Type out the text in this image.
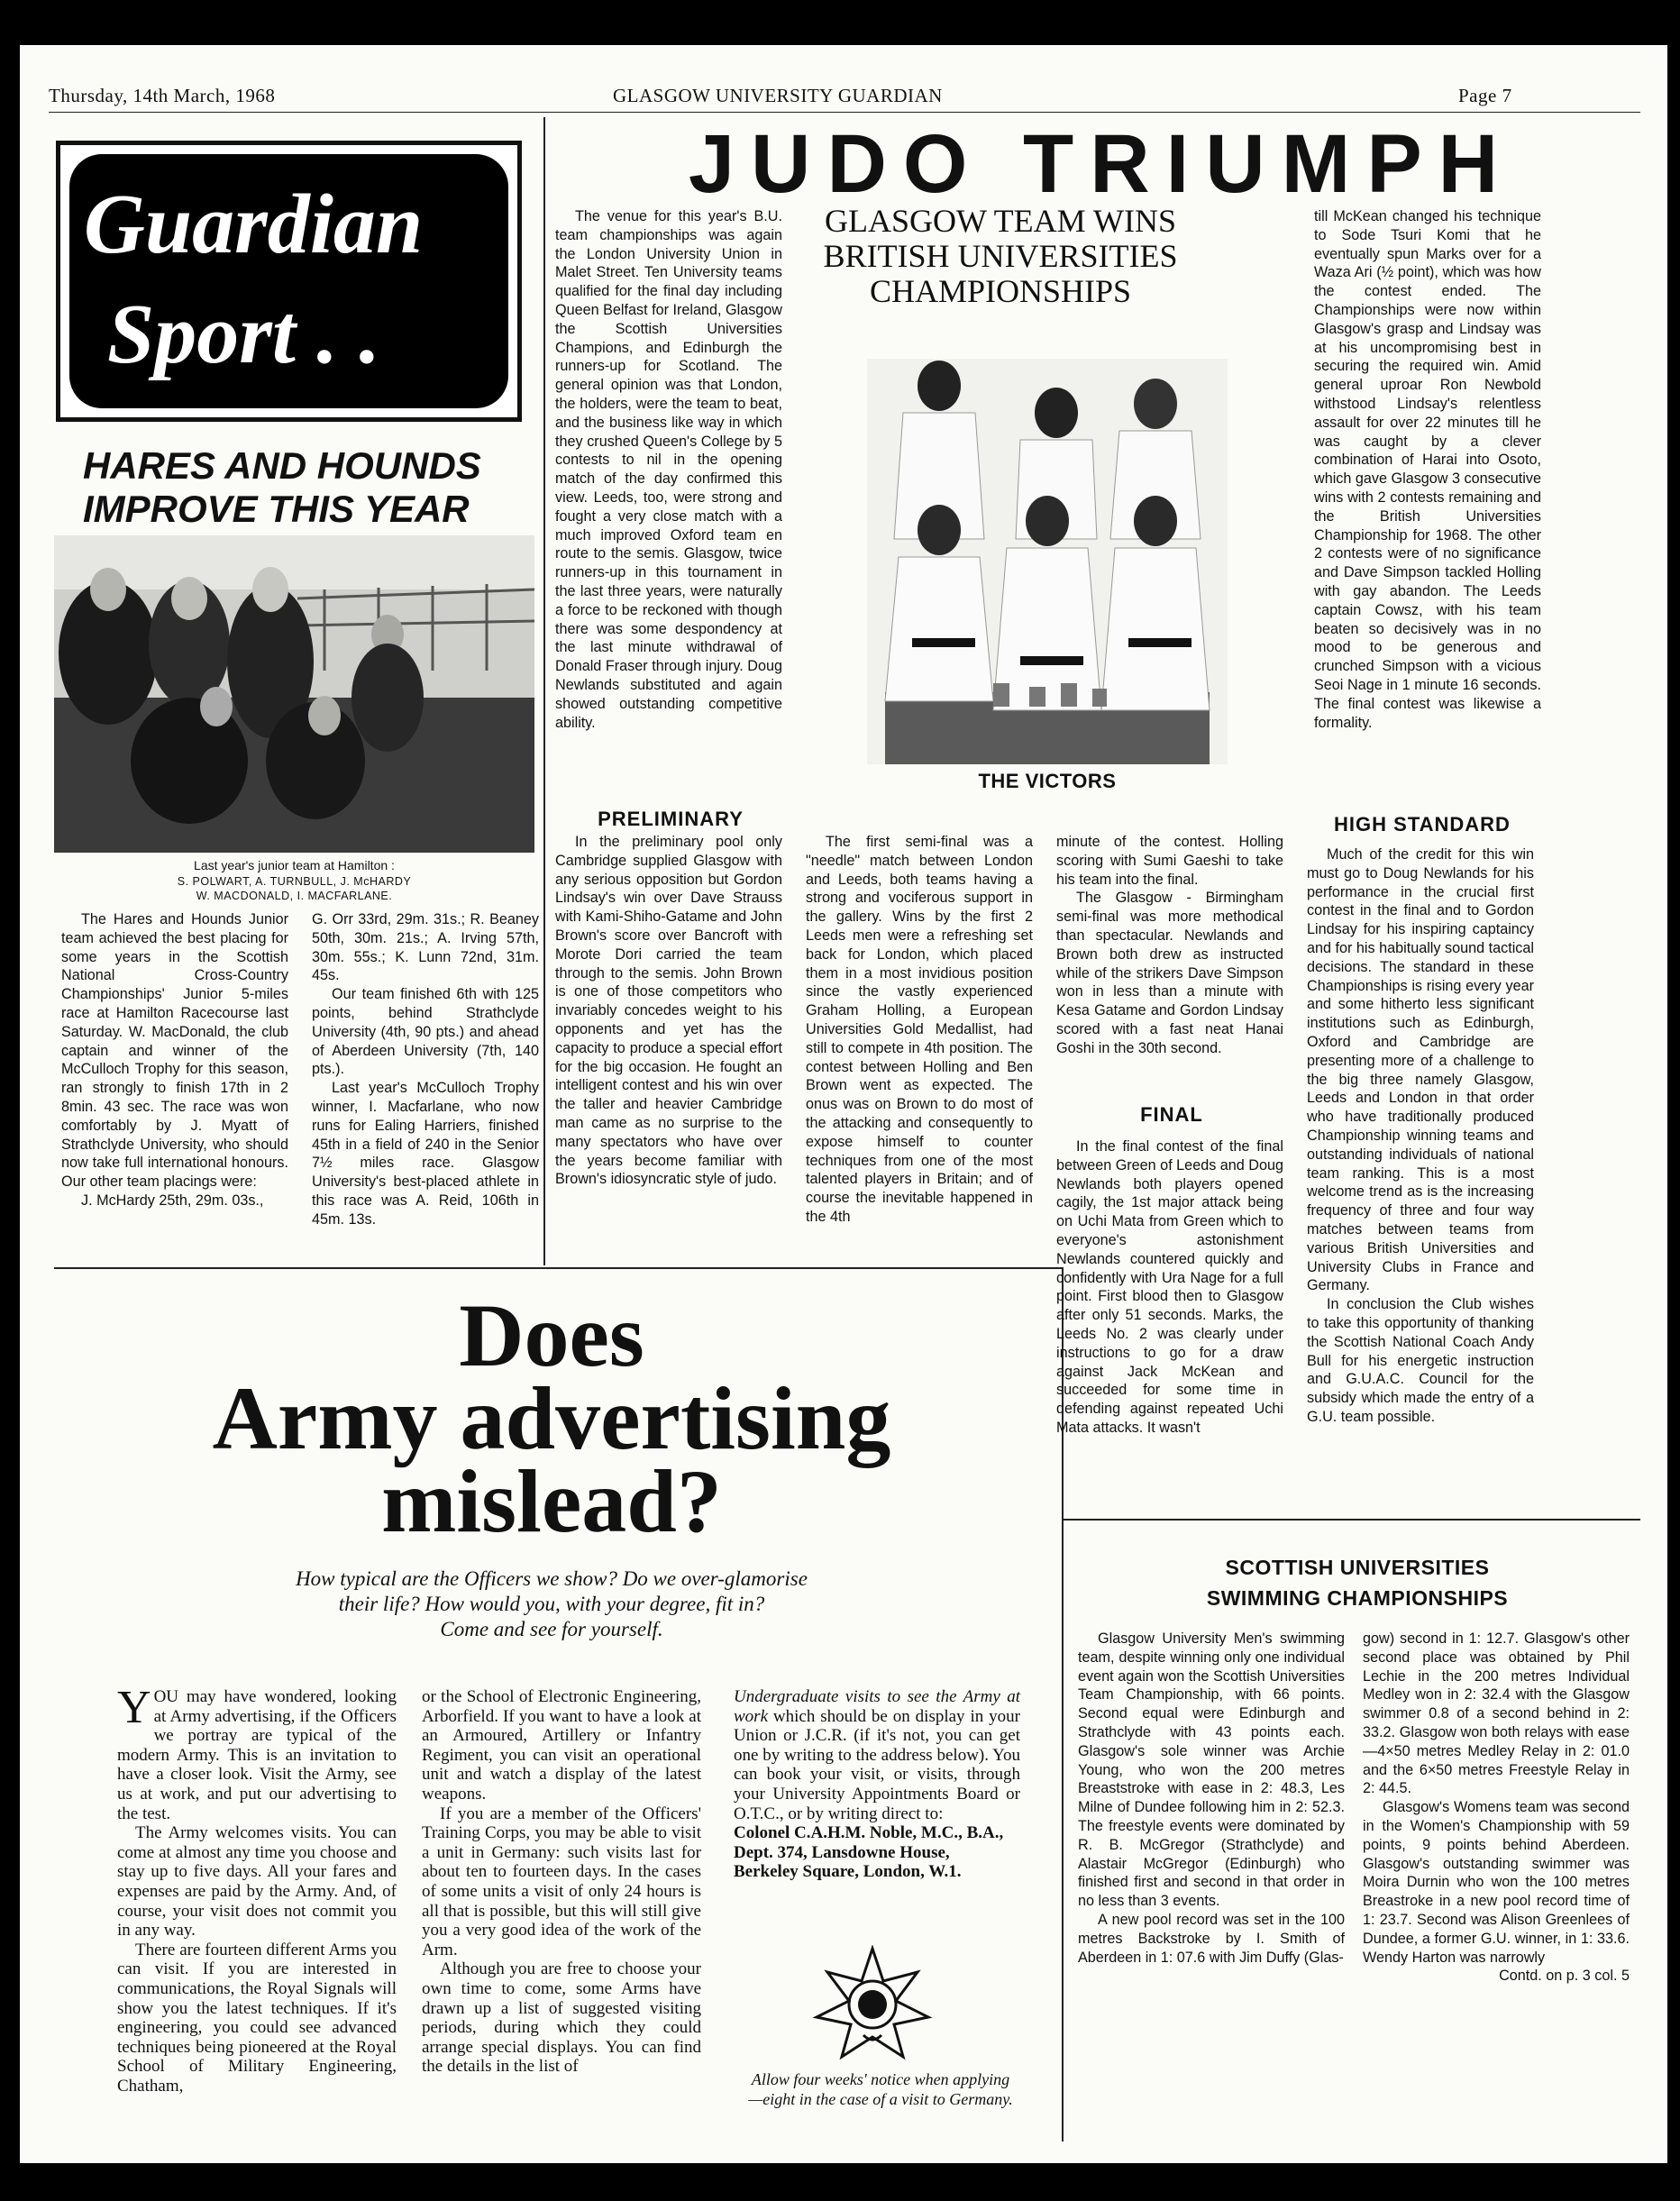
Thursday, 14th March, 1968	GLASGOW UNIVERSITY GUARDIAN	Page 7
Guardian
Sport . .
HARES AND HOUNDS
IMPROVE THIS YEAR
Last year's junior team at Hamilton :
S. POLWART, A. TURNBULL, J. McHARDY
W. MACDONALD, I. MACFARLANE.

The Hares and Hounds Junior team achieved the best placing for some years in the Scottish National Cross-Country Championships' Junior 5-miles race at Hamilton Racecourse last Saturday. W. MacDonald, the club captain and winner of the McCulloch Trophy for this season, ran strongly to finish 17th in 2 8min. 43 sec. The race was won comfortably by J. Myatt of Strathclyde University, who should now take full international honours. Our other team placings were:

J. McHardy 25th, 29m. 03s.,

G. Orr 33rd, 29m. 31s.; R. Beaney 50th, 30m. 21s.; A. Irving 57th, 30m. 55s.; K. Lunn 72nd, 31m. 45s.

Our team finished 6th with 125 points, behind Strathclyde University (4th, 90 pts.) and ahead of Aberdeen University (7th, 140 pts.).

Last year's McCulloch Trophy winner, I. Macfarlane, who now runs for Ealing Harriers, finished 45th in a field of 240 in the Senior 7½ miles race. Glasgow University's best-placed athlete in this race was A. Reid, 106th in 45m. 13s.

JUDO TRIUMPH

The venue for this year's B.U. team championships was again the London University Union in Malet Street. Ten University teams qualified for the final day including Queen Belfast for Ireland, Glasgow the Scottish Universities Champions, and Edinburgh the runners-up for Scotland. The general opinion was that London, the holders, were the team to beat, and the business like way in which they crushed Queen's College by 5 contests to nil in the opening match of the day confirmed this view. Leeds, too, were strong and fought a very close match with a much improved Oxford team en route to the semis. Glasgow, twice runners-up in this tournament in the last three years, were naturally a force to be reckoned with though there was some despondency at the last minute withdrawal of Donald Fraser through injury. Doug Newlands substituted and again showed outstanding competitive ability.

GLASGOW TEAM WINS
BRITISH UNIVERSITIES
CHAMPIONSHIPS
THE VICTORS

till McKean changed his technique to Sode Tsuri Komi that he eventually spun Marks over for a Waza Ari (½ point), which was how the contest ended. The Championships were now within Glasgow's grasp and Lindsay was at his uncompromising best in securing the required win. Amid general uproar Ron Newbold withstood Lindsay's relentless assault for over 22 minutes till he was caught by a clever combination of Harai into Osoto, which gave Glasgow 3 consecutive wins with 2 contests remaining and the British Universities Championship for 1968. The other 2 contests were of no significance and Dave Simpson tackled Holling with gay abandon. The Leeds captain Cowsz, with his team beaten so decisively was in no mood to be generous and crunched Simpson with a vicious Seoi Nage in 1 minute 16 seconds. The final contest was likewise a formality.

PRELIMINARY

In the preliminary pool only Cambridge supplied Glasgow with any serious opposition but Gordon Lindsay's win over Dave Strauss with Kami-Shiho-Gatame and John Brown's score over Bancroft with Morote Dori carried the team through to the semis. John Brown is one of those competitors who invariably concedes weight to his opponents and yet has the capacity to produce a special effort for the big occasion. He fought an intelligent contest and his win over the taller and heavier Cambridge man came as no surprise to the many spectators who have over the years become familiar with Brown's idiosyncratic style of judo.

The first semi-final was a "needle" match between London and Leeds, both teams having a strong and vociferous support in the gallery. Wins by the first 2 Leeds men were a refreshing set back for London, which placed them in a most invidious position since the vastly experienced Graham Holling, a European Universities Gold Medallist, had still to compete in 4th position. The contest between Holling and Ben Brown went as expected. The onus was on Brown to do most of the attacking and consequently to expose himself to counter techniques from one of the most talented players in Britain; and of course the inevitable happened in the 4th

minute of the contest. Holling scoring with Sumi Gaeshi to take his team into the final.

The Glasgow - Birmingham semi-final was more methodical than spectacular. Newlands and Brown both drew as instructed while of the strikers Dave Simpson won in less than a minute with Kesa Gatame and Gordon Lindsay scored with a fast neat Hanai Goshi in the 30th second.

FINAL

In the final contest of the final between Green of Leeds and Doug Newlands both players opened cagily, the 1st major attack being on Uchi Mata from Green which to everyone's astonishment Newlands countered quickly and confidently with Ura Nage for a full point. First blood then to Glasgow after only 51 seconds. Marks, the Leeds No. 2 was clearly under instructions to go for a draw against Jack McKean and succeeded for some time in defending against repeated Uchi Mata attacks. It wasn't

HIGH STANDARD

Much of the credit for this win must go to Doug Newlands for his performance in the crucial first contest in the final and to Gordon Lindsay for his inspiring captaincy and for his habitually sound tactical decisions. The standard in these Championships is rising every year and some hitherto less significant institutions such as Edinburgh, Oxford and Cambridge are presenting more of a challenge to the big three namely Glasgow, Leeds and London in that order who have traditionally produced Championship winning teams and outstanding individuals of national team ranking. This is a most welcome trend as is the increasing frequency of three and four way matches between teams from various British Universities and University Clubs in France and Germany.

In conclusion the Club wishes to take this opportunity of thanking the Scottish National Coach Andy Bull for his energetic instruction and G.U.A.C. Council for the subsidy which made the entry of a G.U. team possible.

Does
Army advertising
mislead?
How typical are the Officers we show? Do we over-glamorise
their life? How would you, with your degree, fit in?
Come and see for yourself.

YOU may have wondered, looking at Army advertising, if the Officers we portray are typical of the modern Army. This is an invitation to have a closer look. Visit the Army, see us at work, and put our advertising to the test.

The Army welcomes visits. You can come at almost any time you choose and stay up to five days. All your fares and expenses are paid by the Army. And, of course, your visit does not commit you in any way.

There are fourteen different Arms you can visit. If you are interested in communications, the Royal Signals will show you the latest techniques. If it's engineering, you could see advanced techniques being pioneered at the Royal School of Military Engineering, Chatham,

or the School of Electronic Engineering, Arborfield. If you want to have a look at an Armoured, Artillery or Infantry Regiment, you can visit an operational unit and watch a display of the latest weapons.

If you are a member of the Officers' Training Corps, you may be able to visit a unit in Germany: such visits last for about ten to fourteen days. In the cases of some units a visit of only 24 hours is all that is possible, but this will still give you a very good idea of the work of the Arm.

Although you are free to choose your own time to come, some Arms have drawn up a list of suggested visiting periods, during which they could arrange special displays. You can find the details in the list of

Undergraduate visits to see the Army at work which should be on display in your Union or J.C.R. (if it's not, you can get one by writing to the address below). You can book your visit, or visits, through your University Appointments Board or O.T.C., or by writing direct to:

Colonel C.A.H.M. Noble, M.C., B.A.,

Dept. 374, Lansdowne House,

Berkeley Square, London, W.1.

Allow four weeks' notice when applying
—eight in the case of a visit to Germany.
SCOTTISH UNIVERSITIES
SWIMMING CHAMPIONSHIPS

Glasgow University Men's swimming team, despite winning only one individual event again won the Scottish Universities Team Championship, with 66 points. Second equal were Edinburgh and Strathclyde with 43 points each. Glasgow's sole winner was Archie Young, who won the 200 metres Breaststroke with ease in 2: 48.3, Les Milne of Dundee following him in 2: 52.3. The freestyle events were dominated by R. B. McGregor (Strathclyde) and Alastair McGregor (Edinburgh) who finished first and second in that order in no less than 3 events.

A new pool record was set in the 100 metres Backstroke by I. Smith of Aberdeen in 1: 07.6 with Jim Duffy (Glas-

gow) second in 1: 12.7. Glasgow's other second place was obtained by Phil Lechie in the 200 metres Individual Medley won in 2: 32.4 with the Glasgow swimmer 0.8 of a second behind in 2: 33.2. Glasgow won both relays with ease—4×50 metres Medley Relay in 2: 01.0 and the 6×50 metres Freestyle Relay in 2: 44.5.

Glasgow's Womens team was second in the Women's Championship with 59 points, 9 points behind Aberdeen. Glasgow's outstanding swimmer was Moira Durnin who won the 100 metres Breastroke in a new pool record time of 1: 23.7. Second was Alison Greenlees of Dundee, a former G.U. winner, in 1: 33.6. Wendy Harton was narrowly

Contd. on p. 3 col. 5
